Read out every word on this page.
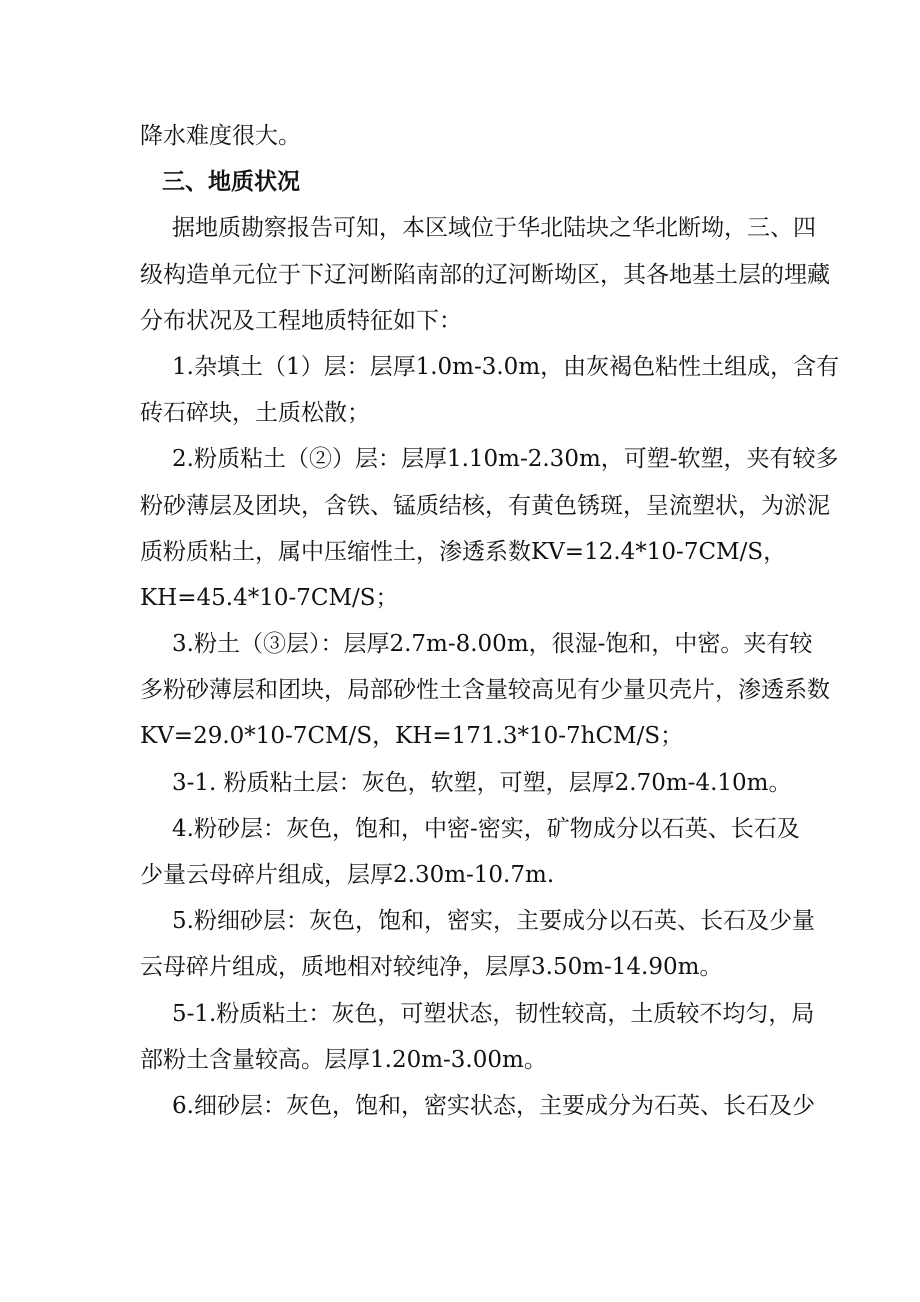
降水难度很大。
三、地质状况
据地质勘察报告可知，本区域位于华北陆块之华北断坳，三、四
级构造单元位于下辽河断陷南部的辽河断坳区，其各地基土层的埋藏
分布状况及工程地质特征如下：
1.杂填土（1）层：层厚1.0m-3.0m，由灰褐色粘性土组成，含有
砖石碎块，土质松散；
2.粉质粘土（②）层：层厚1.10m-2.30m，可塑-软塑，夹有较多
粉砂薄层及团块，含铁、锰质结核，有黄色锈斑，呈流塑状，为淤泥
质粉质粘土，属中压缩性土，渗透系数KV=12.4*10-7CM/S，
KH=45.4*10-7CM/S；
3.粉土（③层）：层厚2.7m-8.00m，很湿-饱和，中密。夹有较
多粉砂薄层和团块，局部砂性土含量较高见有少量贝壳片，渗透系数
KV=29.0*10-7CM/S，KH=171.3*10-7hCM/S；
3-1. 粉质粘土层：灰色，软塑，可塑，层厚2.70m-4.10m。
4.粉砂层：灰色，饱和，中密-密实，矿物成分以石英、长石及
少量云母碎片组成，层厚2.30m-10.7m.
5.粉细砂层：灰色，饱和，密实，主要成分以石英、长石及少量
云母碎片组成，质地相对较纯净，层厚3.50m-14.90m。
5-1.粉质粘土：灰色，可塑状态，韧性较高，土质较不均匀，局
部粉土含量较高。层厚1.20m-3.00m。
6.细砂层：灰色，饱和，密实状态，主要成分为石英、长石及少
